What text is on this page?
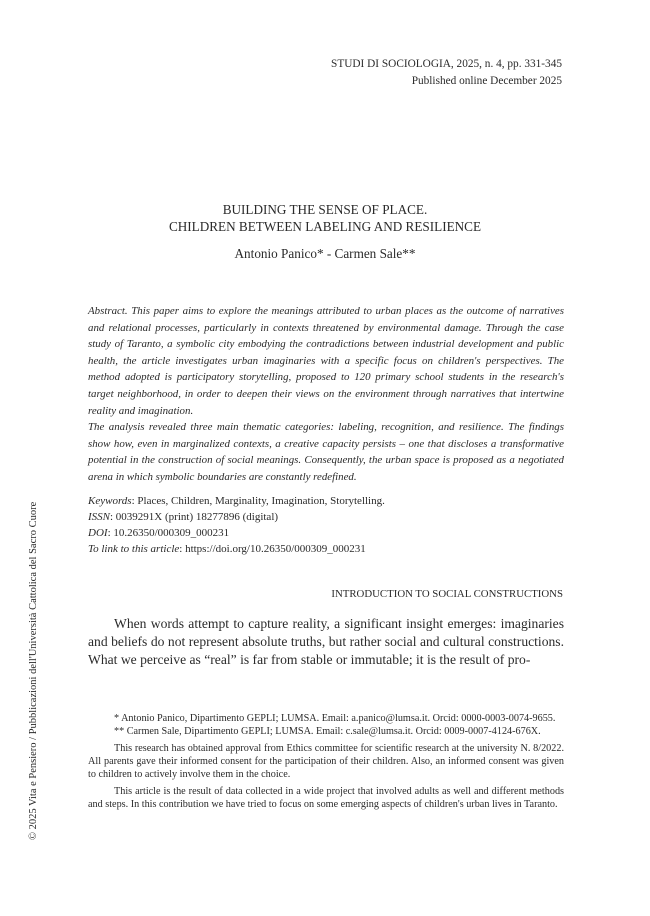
STUDI DI SOCIOLOGIA, 2025, n. 4, pp. 331-345
Published online December 2025
BUILDING THE SENSE OF PLACE.
CHILDREN BETWEEN LABELING AND RESILIENCE
Antonio Panico* - Carmen Sale**

Abstract. This paper aims to explore the meanings attributed to urban places as the outcome of narratives and relational processes, particularly in contexts threatened by environmental damage. Through the case study of Taranto, a symbolic city embodying the contradictions between industrial development and public health, the article investigates urban imaginaries with a specific focus on children's perspectives. The method adopted is participatory storytelling, proposed to 120 primary school students in the research's target neighborhood, in order to deepen their views on the environment through narratives that intertwine reality and imagination.

The analysis revealed three main thematic categories: labeling, recognition, and resilience. The findings show how, even in marginalized contexts, a creative capacity persists – one that discloses a transformative potential in the construction of social meanings. Consequently, the urban space is proposed as a negotiated arena in which symbolic boundaries are constantly redefined.

Keywords: Places, Children, Marginality, Imagination, Storytelling.
ISSN: 0039291X (print) 18277896 (digital)
DOI: 10.26350/000309_000231
To link to this article: https://doi.org/10.26350/000309_000231
INTRODUCTION TO SOCIAL CONSTRUCTIONS

When words attempt to capture reality, a significant insight emerges: imaginaries and beliefs do not represent absolute truths, but rather social and cultural constructions. What we perceive as “real” is far from stable or immutable; it is the result of pro-

* Antonio Panico, Dipartimento GEPLI; LUMSA. Email: a.panico@lumsa.it. Orcid: 0000-0003-0074-9655.

** Carmen Sale, Dipartimento GEPLI; LUMSA. Email: c.sale@lumsa.it. Orcid: 0009-0007-4124-676X.

This research has obtained approval from Ethics committee for scientific research at the university N. 8/2022. All parents gave their informed consent for the participation of their children. Also, an informed consent was given to children to actively involve them in the choice.

This article is the result of data collected in a wide project that involved adults as well and different methods and steps. In this contribution we have tried to focus on some emerging aspects of children's urban lives in Taranto.

© 2025 Vita e Pensiero / Pubblicazioni dell'Università Cattolica del Sacro Cuore
